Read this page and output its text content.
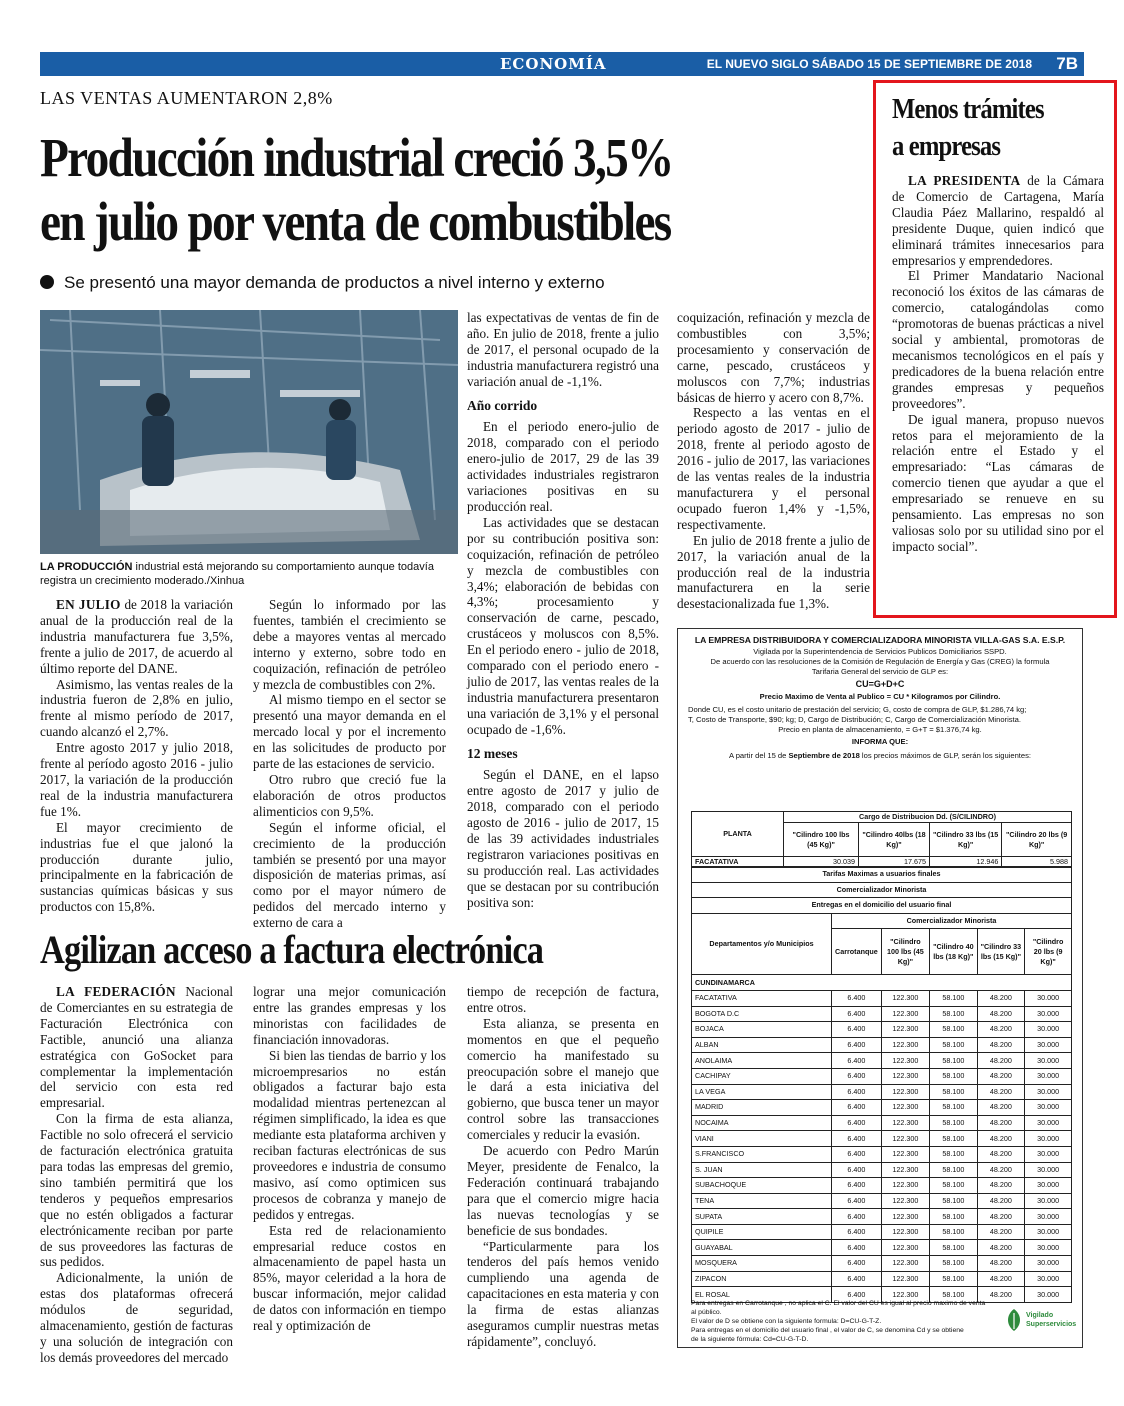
ECONOMÍA	EL NUEVO SIGLO SÁBADO 15 DE SEPTIEMBRE DE 2018 7B
LAS VENTAS AUMENTARON 2,8%
Producción industrial creció 3,5%
en julio por venta de combustibles
Se presentó una mayor demanda de productos a nivel interno y externo
LA PRODUCCIÓN industrial está mejorando su comportamiento aunque todavía registra un crecimiento moderado./Xinhua

EN JULIO de 2018 la variación anual de la producción real de la industria manufacturera fue 3,5%, frente a julio de 2017, de acuerdo al último reporte del DANE.

Asimismo, las ventas reales de la industria fueron de 2,8% en julio, frente al mismo período de 2017, cuando alcanzó el 2,7%.

Entre agosto 2017 y julio 2018, frente al período agosto 2016 - julio 2017, la variación de la producción real de la industria manufacturera fue 1%.

El mayor crecimiento de industrias fue el que jalonó la producción durante julio, principalmente en la fabricación de sustancias químicas básicas y sus productos con 15,8%.

Según lo informado por las fuentes, también el crecimiento se debe a mayores ventas al mercado interno y externo, sobre todo en coquización, refinación de petróleo y mezcla de combustibles con 2%.

Al mismo tiempo en el sector se presentó una mayor demanda en el mercado local y por el incremento en las solicitudes de producto por parte de las estaciones de servicio.

Otro rubro que creció fue la elaboración de otros productos alimenticios con 9,5%.

Según el informe oficial, el crecimiento de la producción también se presentó por una mayor disposición de materias primas, así como por el mayor número de pedidos del mercado interno y externo de cara a

las expectativas de ventas de fin de año. En julio de 2018, frente a julio de 2017, el personal ocupado de la industria manufacturera registró una variación anual de -1,1%.

Año corrido

En el periodo enero-julio de 2018, comparado con el periodo enero-julio de 2017, 29 de las 39 actividades industriales registraron variaciones positivas en su producción real.

Las actividades que se destacan por su contribución positiva son: coquización, refinación de petróleo y mezcla de combustibles con 3,4%; elaboración de bebidas con 4,3%; procesamiento y conservación de carne, pescado, crustáceos y moluscos con 8,5%. En el periodo enero - julio de 2018, comparado con el periodo enero - julio de 2017, las ventas reales de la industria manufacturera presentaron una variación de 3,1% y el personal ocupado de -1,6%.

12 meses

Según el DANE, en el lapso entre agosto de 2017 y julio de 2018, comparado con el periodo agosto de 2016 - julio de 2017, 15 de las 39 actividades industriales registraron variaciones positivas en su producción real. Las actividades que se destacan por su contribución positiva son:

coquización, refinación y mezcla de combustibles con 3,5%; procesamiento y conservación de carne, pescado, crustáceos y moluscos con 7,7%; industrias básicas de hierro y acero con 8,7%.

Respecto a las ventas en el periodo agosto de 2017 - julio de 2018, frente al periodo agosto de 2016 - julio de 2017, las variaciones de las ventas reales de la industria manufacturera y el personal ocupado fueron 1,4% y -1,5%, respectivamente.

En julio de 2018 frente a julio de 2017, la variación anual de la producción real de la industria manufacturera en la serie desestacionalizada fue 1,3%.

Menos trámites
a empresas

LA PRESIDENTA de la Cámara de Comercio de Cartagena, María Claudia Páez Mallarino, respaldó al presidente Duque, quien indicó que eliminará trámites innecesarios para empresarios y emprendedores.

El Primer Mandatario Nacional reconoció los éxitos de las cámaras de comercio, catalogándolas como “promotoras de buenas prácticas a nivel social y ambiental, promotoras de mecanismos tecnológicos en el país y predicadores de la buena relación entre grandes empresas y pequeños proveedores”.

De igual manera, propuso nuevos retos para el mejoramiento de la relación entre el Estado y el empresariado: “Las cámaras de comercio tienen que ayudar a que el empresariado se renueve en su pensamiento. Las empresas no son valiosas solo por su utilidad sino por el impacto social”.

Agilizan acceso a factura electrónica

LA FEDERACIÓN Nacional de Comerciantes en su estrategia de Facturación Electrónica con Factible, anunció una alianza estratégica con GoSocket para complementar la implementación del servicio con esta red empresarial.

Con la firma de esta alianza, Factible no solo ofrecerá el servicio de facturación electrónica gratuita para todas las empresas del gremio, sino también permitirá que los tenderos y pequeños empresarios que no estén obligados a facturar electrónicamente reciban por parte de sus proveedores las facturas de sus pedidos.

Adicionalmente, la unión de estas dos plataformas ofrecerá módulos de seguridad, almacenamiento, gestión de facturas y una solución de integración con los demás proveedores del mercado

lograr una mejor comunicación entre las grandes empresas y los minoristas con facilidades de financiación innovadoras.

Si bien las tiendas de barrio y los microempresarios no están obligados a facturar bajo esta modalidad mientras pertenezcan al régimen simplificado, la idea es que mediante esta plataforma archiven y reciban facturas electrónicas de sus proveedores e industria de consumo masivo, así como optimicen sus procesos de cobranza y manejo de pedidos y entregas.

Esta red de relacionamiento empresarial reduce costos en almacenamiento de papel hasta un 85%, mayor celeridad a la hora de buscar información, mejor calidad de datos con información en tiempo real y optimización de

tiempo de recepción de factura, entre otros.

Esta alianza, se presenta en momentos en que el pequeño comercio ha manifestado su preocupación sobre el manejo que le dará a esta iniciativa del gobierno, que busca tener un mayor control sobre las transacciones comerciales y reducir la evasión.

De acuerdo con Pedro Marún Meyer, presidente de Fenalco, la Federación continuará trabajando para que el comercio migre hacia las nuevas tecnologías y se beneficie de sus bondades.

“Particularmente para los tenderos del país hemos venido cumpliendo una agenda de capacitaciones en esta materia y con la firma de estas alianzas aseguramos cumplir nuestras metas rápidamente”, concluyó.

LA EMPRESA DISTRIBUIDORA Y COMERCIALIZADORA MINORISTA VILLA-GAS S.A. E.S.P.
Vigilada por la Superintendencia de Servicios Publicos Domiciliarios SSPD.
De acuerdo con las resoluciones de la Comisión de Regulación de Energía y Gas (CREG) la formula
Tarifaria General del servicio de GLP es:
CU=G+D+C
Precio Maximo de Venta al Publico = CU * Kilogramos por Cilindro.
Donde CU, es el costo unitario de prestación del servicio; G, costo de compra de GLP, $1.286,74 kg;
T, Costo de Transporte, $90; kg; D, Cargo de Distribución; C, Cargo de Comercialización Minorista.
Precio en planta de almacenamiento, = G+T = $1.376,74 kg.
INFORMA QUE:
A partir del 15 de Septiembre de 2018 los precios máximos de GLP, serán los siguientes:
PLANTA	Cargo de Distribucion Dd. (S/CILINDRO)			
	"Cilindro 100 lbs (45 Kg)"	"Cilindro 40lbs (18 Kg)"	"Cilindro 33 lbs (15 Kg)"	"Cilindro 20 lbs (9 Kg)"
FACATATIVA	30.039	17.675	12.946	5.988
Tarifas Maximas a usuarios finales					
Comercializador Minorista					
Entregas en el domicilio del usuario final					
Departamentos y/o Municipios	Comercializador Minorista				
	Carrotanque	"Cilindro 100 lbs (45 Kg)"	"Cilindro 40 lbs (18 Kg)"	"Cilindro 33 lbs (15 Kg)"	"Cilindro 20 lbs (9 Kg)"
CUNDINAMARCA					
FACATATIVA	6.400	122.300	58.100	48.200	30.000
BOGOTA D.C	6.400	122.300	58.100	48.200	30.000
BOJACA	6.400	122.300	58.100	48.200	30.000
ALBAN	6.400	122.300	58.100	48.200	30.000
ANOLAIMA	6.400	122.300	58.100	48.200	30.000
CACHIPAY	6.400	122.300	58.100	48.200	30.000
LA VEGA	6.400	122.300	58.100	48.200	30.000
MADRID	6.400	122.300	58.100	48.200	30.000
NOCAIMA	6.400	122.300	58.100	48.200	30.000
VIANI	6.400	122.300	58.100	48.200	30.000
S.FRANCISCO	6.400	122.300	58.100	48.200	30.000
S. JUAN	6.400	122.300	58.100	48.200	30.000
SUBACHOQUE	6.400	122.300	58.100	48.200	30.000
TENA	6.400	122.300	58.100	48.200	30.000
SUPATA	6.400	122.300	58.100	48.200	30.000
QUIPILE	6.400	122.300	58.100	48.200	30.000
GUAYABAL	6.400	122.300	58.100	48.200	30.000
MOSQUERA	6.400	122.300	58.100	48.200	30.000
ZIPACON	6.400	122.300	58.100	48.200	30.000
EL ROSAL	6.400	122.300	58.100	48.200	30.000
Para entregas en Carrotanque , no aplica el C. El valor del CU es igual al precio maximo de venta al público.
El valor de D se obtiene con la siguiente formula: D=CU-G-T-Z.
Para entregas en el domicilio del usuario final , el valor de C, se denomina Cd y se obtiene
de la siguiente fórmula: Cd=CU-G-T-D.
Vigilado
Superservicios
